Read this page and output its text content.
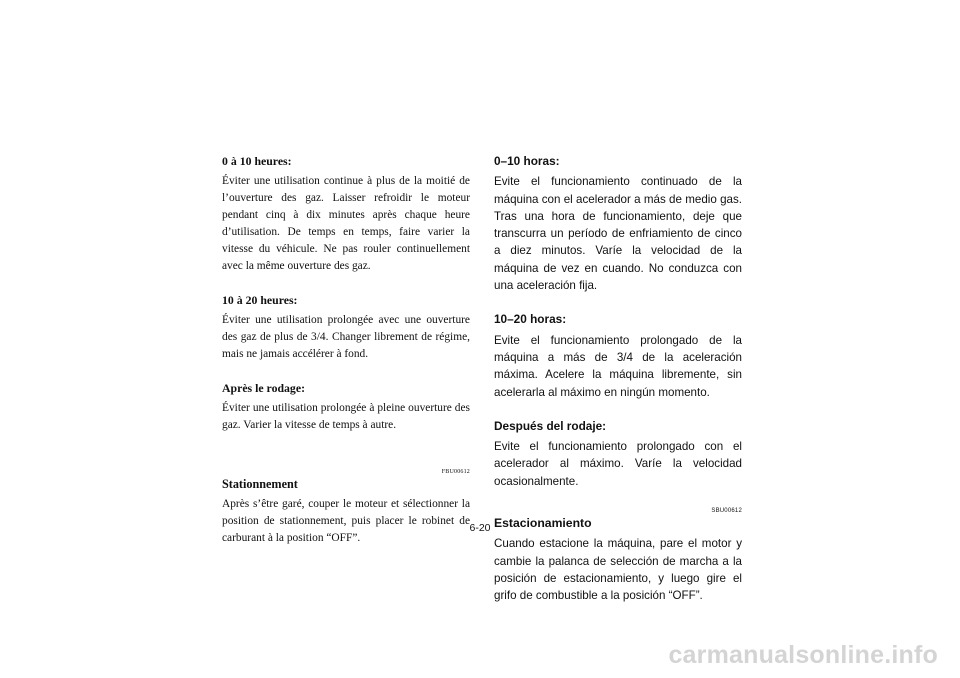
0 à 10 heures:

Éviter une utilisation continue à plus de la moitié de l’ouverture des gaz. Laisser refroidir le moteur pendant cinq à dix minutes après chaque heure d’utilisation. De temps en temps, faire varier la vitesse du véhicule. Ne pas rouler continuellement avec la même ouverture des gaz.

10 à 20 heures:

Éviter une utilisation prolongée avec une ouverture des gaz de plus de 3/4. Changer librement de régime, mais ne jamais accélérer à fond.

Après le rodage:

Éviter une utilisation prolongée à pleine ouverture des gaz. Varier la vitesse de temps à autre.

FBU00612

Stationnement

Après s’être garé, couper le moteur et sélectionner la position de stationnement, puis placer le robinet de carburant à la position “OFF”.

0–10 horas:

Evite el funcionamiento continuado de la máquina con el acelerador a más de medio gas. Tras una hora de funcionamiento, deje que transcurra un período de enfriamiento de cinco a diez minutos. Varíe la velocidad de la máquina de vez en cuando. No conduzca con una aceleración fija.

10–20 horas:

Evite el funcionamiento prolongado de la máquina a más de 3/4 de la aceleración máxima. Acelere la máquina libremente, sin acelerarla al máximo en ningún momento.

Después del rodaje:

Evite el funcionamiento prolongado con el acelerador al máximo. Varíe la velocidad ocasionalmente.

SBU00612

Estacionamiento

Cuando estacione la máquina, pare el motor y cambie la palanca de selección de marcha a la posición de estacionamiento, y luego gire el grifo de combustible a la posición “OFF”.

6-20
carmanualsonline.info
